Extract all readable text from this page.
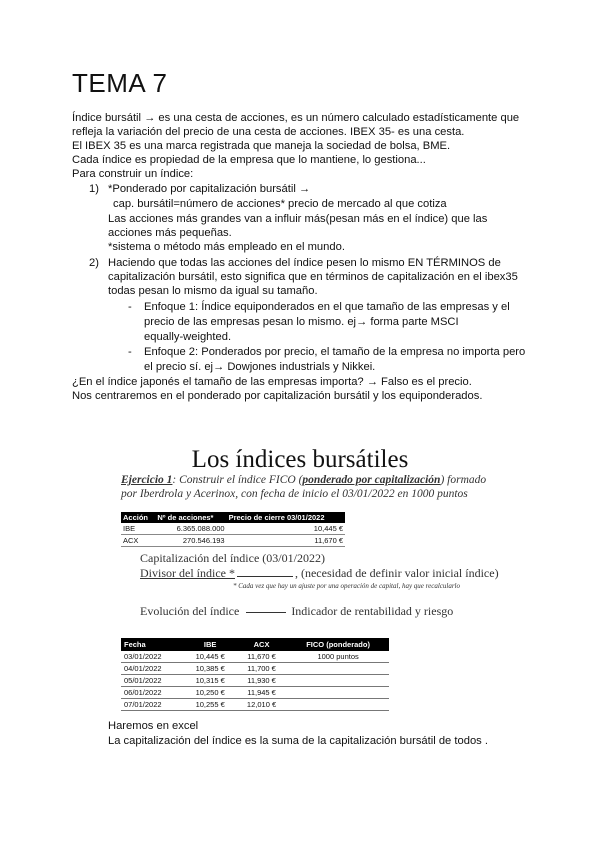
TEMA 7
Índice bursátil → es una cesta de acciones, es un número calculado estadísticamente que
refleja la variación del precio de una cesta de acciones. IBEX 35- es una cesta.
El IBEX 35 es una marca registrada que maneja la sociedad de bolsa, BME.
Cada índice es propiedad de la empresa que lo mantiene, lo gestiona...
Para construir un índice:
1) *Ponderado por capitalización bursátil →
cap. bursátil=número de acciones* precio de mercado al que cotiza
Las acciones más grandes van a influir más(pesan más en el índice) que las
acciones más pequeñas.
*sistema o método más empleado en el mundo.
2) Haciendo que todas las acciones del índice pesen lo mismo EN TÉRMINOS de
capitalización bursátil, esto significa que en términos de capitalización en el ibex35
todas pesan lo mismo da igual su tamaño.
- Enfoque 1: Índice equiponderados en el que tamaño de las empresas y el
precio de las empresas pesan lo mismo. ej→ forma parte MSCI
equally-weighted.
- Enfoque 2: Ponderados por precio, el tamaño de la empresa no importa pero
el precio sí. ej→ Dowjones industrials y Nikkei.
¿En el índice japonés el tamaño de las empresas importa? → Falso es el precio.
Nos centraremos en el ponderado por capitalización bursátil y los equiponderados.
Los índices bursátiles
Ejercicio 1: Construir el índice FICO (ponderado por capitalización) formado
por Iberdrola y Acerinox, con fecha de inicio el 03/01/2022 en 1000 puntos
Acción	Nº de acciones*	Precio de cierre 03/01/2022
IBE	6.365.088.000	10,445 €
ACX	270.546.193	11,670 €
Capitalización del índice (03/01/2022)
Divisor del índice *	, (necesidad de definir valor inicial índice)
* Cada vez que hay un ajuste por una operación de capital, hay que recalcularlo
Evolución del índice	Indicador de rentabilidad y riesgo
Fecha	IBE	ACX	FICO (ponderado)
03/01/2022	10,445 €	11,670 €	1000 puntos
04/01/2022	10,385 €	11,700 €	
05/01/2022	10,315 €	11,930 €	
06/01/2022	10,250 €	11,945 €	
07/01/2022	10,255 €	12,010 €	
Haremos en excel
La capitalización del índice es la suma de la capitalización bursátil de todos .
